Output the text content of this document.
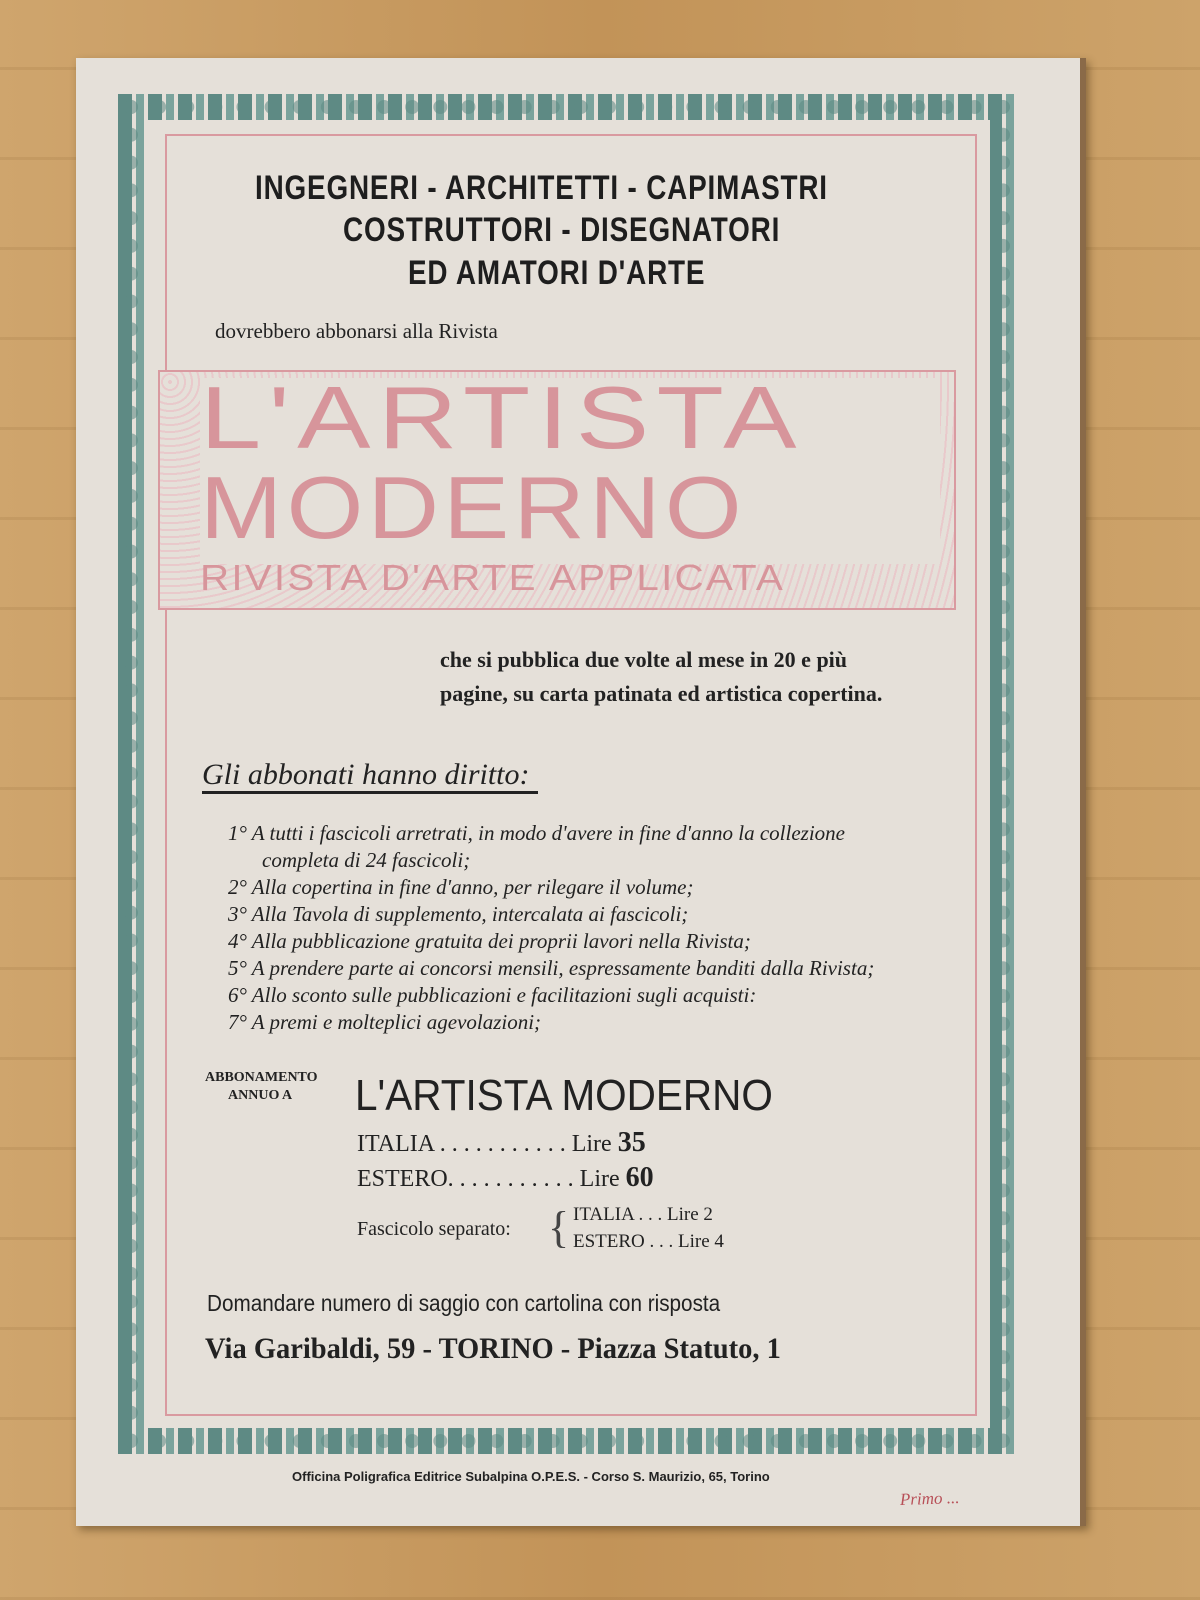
INGEGNERI - ARCHITETTI - CAPIMASTRI
COSTRUTTORI - DISEGNATORI
ED AMATORI D'ARTE
dovrebbero abbonarsi alla Rivista
L'ARTISTA
MODERNO
RIVISTA D'ARTE APPLICATA
che si pubblica due volte al mese in 20 e più
pagine, su carta patinata ed artistica copertina.
Gli abbonati hanno diritto:
1° A tutti i fascicoli arretrati, in modo d'avere in fine d'anno la collezione
completa di 24 fascicoli;
2° Alla copertina in fine d'anno, per rilegare il volume;
3° Alla Tavola di supplemento, intercalata ai fascicoli;
4° Alla pubblicazione gratuita dei proprii lavori nella Rivista;
5° A prendere parte ai concorsi mensili, espressamente banditi dalla Rivista;
6° Allo sconto sulle pubblicazioni e facilitazioni sugli acquisti:
7° A premi e molteplici agevolazioni;
ABBONAMENTO
ANNUO A L'ARTISTA MODERNO
ITALIA . . . . . . . . . . . Lire 35
ESTERO. . . . . . . . . . . Lire 60
Fascicolo separato: { ITALIA . . . Lire 2
ESTERO . . . Lire 4
Domandare numero di saggio con cartolina con risposta
Via Garibaldi, 59 - TORINO - Piazza Statuto, 1
Officina Poligrafica Editrice Subalpina O.P.E.S. - Corso S. Maurizio, 65, Torino
Primo ...
